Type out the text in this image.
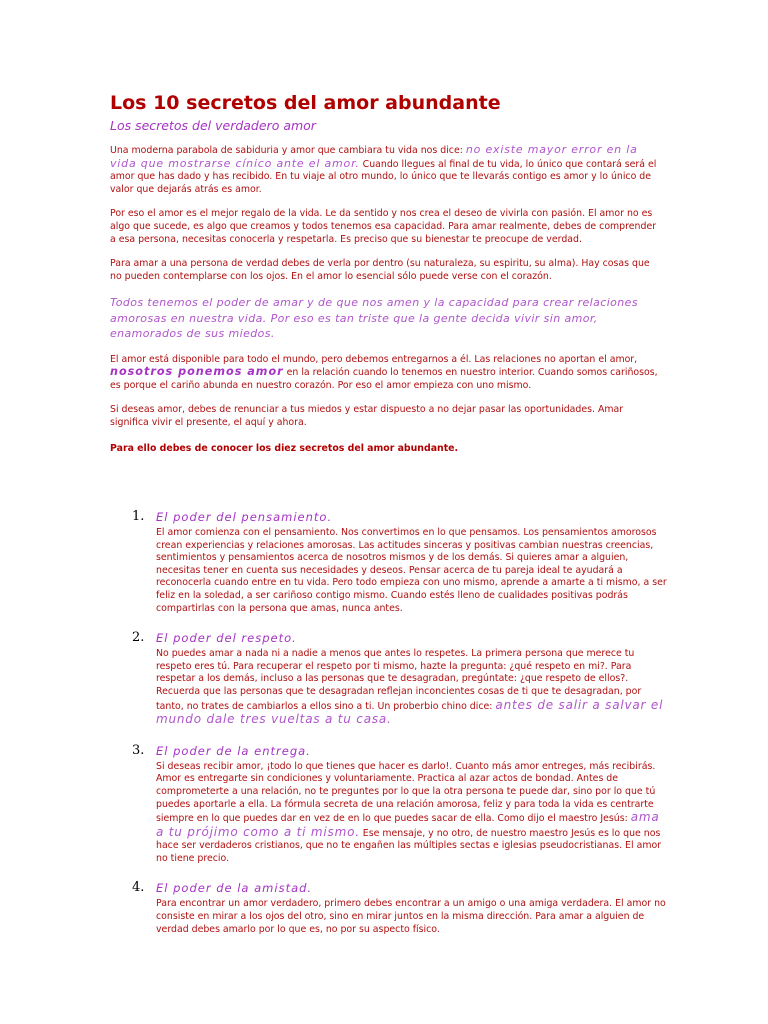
Los 10 secretos del amor abundante
Los secretos del verdadero amor

Una moderna parabola de sabiduria y amor que cambiara tu vida nos dice: no existe mayor error en la vida que mostrarse cínico ante el amor. Cuando llegues al final de tu vida, lo único que contará será el amor que has dado y has recibido. En tu viaje al otro mundo, lo único que te llevarás contigo es amor y lo único de valor que dejarás atrás es amor.

Por eso el amor es el mejor regalo de la vida. Le da sentido y nos crea el deseo de vivirla con pasión. El amor no es algo que sucede, es algo que creamos y todos tenemos esa capacidad. Para amar realmente, debes de comprender a esa persona, necesitas conocerla y respetarla. Es preciso que su bienestar te preocupe de verdad.

Para amar a una persona de verdad debes de verla por dentro (su naturaleza, su espiritu, su alma). Hay cosas que no pueden contemplarse con los ojos. En el amor lo esencial sólo puede verse con el corazón.

Todos tenemos el poder de amar y de que nos amen y la capacidad para crear relaciones amorosas en nuestra vida. Por eso es tan triste que la gente decida vivir sin amor, enamorados de sus miedos.

El amor está disponible para todo el mundo, pero debemos entregarnos a él. Las relaciones no aportan el amor, nosotros ponemos amor en la relación cuando lo tenemos en nuestro interior. Cuando somos cariñosos, es porque el cariño abunda en nuestro corazón. Por eso el amor empieza con uno mismo.

Si deseas amor, debes de renunciar a tus miedos y estar dispuesto a no dejar pasar las oportunidades. Amar significa vivir el presente, el aquí y ahora.

Para ello debes de conocer los diez secretos del amor abundante.

1. El poder del pensamiento.

El amor comienza con el pensamiento. Nos convertimos en lo que pensamos. Los pensamientos amorosos crean experiencias y relaciones amorosas. Las actitudes sinceras y positivas cambian nuestras creencias, sentimientos y pensamientos acerca de nosotros mismos y de los demás. Si quieres amar a alguien, necesitas tener en cuenta sus necesidades y deseos. Pensar acerca de tu pareja ideal te ayudará a reconocerla cuando entre en tu vida. Pero todo empieza con uno mismo, aprende a amarte a ti mismo, a ser feliz en la soledad, a ser cariñoso contigo mismo. Cuando estés lleno de cualidades positivas podrás compartirlas con la persona que amas, nunca antes.

2. El poder del respeto.

No puedes amar a nada ni a nadie a menos que antes lo respetes. La primera persona que merece tu respeto eres tú. Para recuperar el respeto por ti mismo, hazte la pregunta: ¿qué respeto en mi?. Para respetar a los demás, incluso a las personas que te desagradan, pregúntate: ¿que respeto de ellos?. Recuerda que las personas que te desagradan reflejan inconcientes cosas de ti que te desagradan, por tanto, no trates de cambiarlos a ellos sino a ti. Un proberbio chino dice: antes de salir a salvar el mundo dale tres vueltas a tu casa.

3. El poder de la entrega.

Si deseas recibir amor, ¡todo lo que tienes que hacer es darlo!. Cuanto más amor entreges, más recibirás. Amor es entregarte sin condiciones y voluntariamente. Practica al azar actos de bondad. Antes de comprometerte a una relación, no te preguntes por lo que la otra persona te puede dar, sino por lo que tú puedes aportarle a ella. La fórmula secreta de una relación amorosa, feliz y para toda la vida es centrarte siempre en lo que puedes dar en vez de en lo que puedes sacar de ella. Como dijo el maestro Jesús: ama a tu prójimo como a ti mismo. Ese mensaje, y no otro, de nuestro maestro Jesús es lo que nos hace ser verdaderos cristianos, que no te engañen las múltiples sectas e iglesias pseudocristianas. El amor no tiene precio.

4. El poder de la amistad.

Para encontrar un amor verdadero, primero debes encontrar a un amigo o una amiga verdadera. El amor no consiste en mirar a los ojos del otro, sino en mirar juntos en la misma dirección. Para amar a alguien de verdad debes amarlo por lo que es, no por su aspecto físico.
